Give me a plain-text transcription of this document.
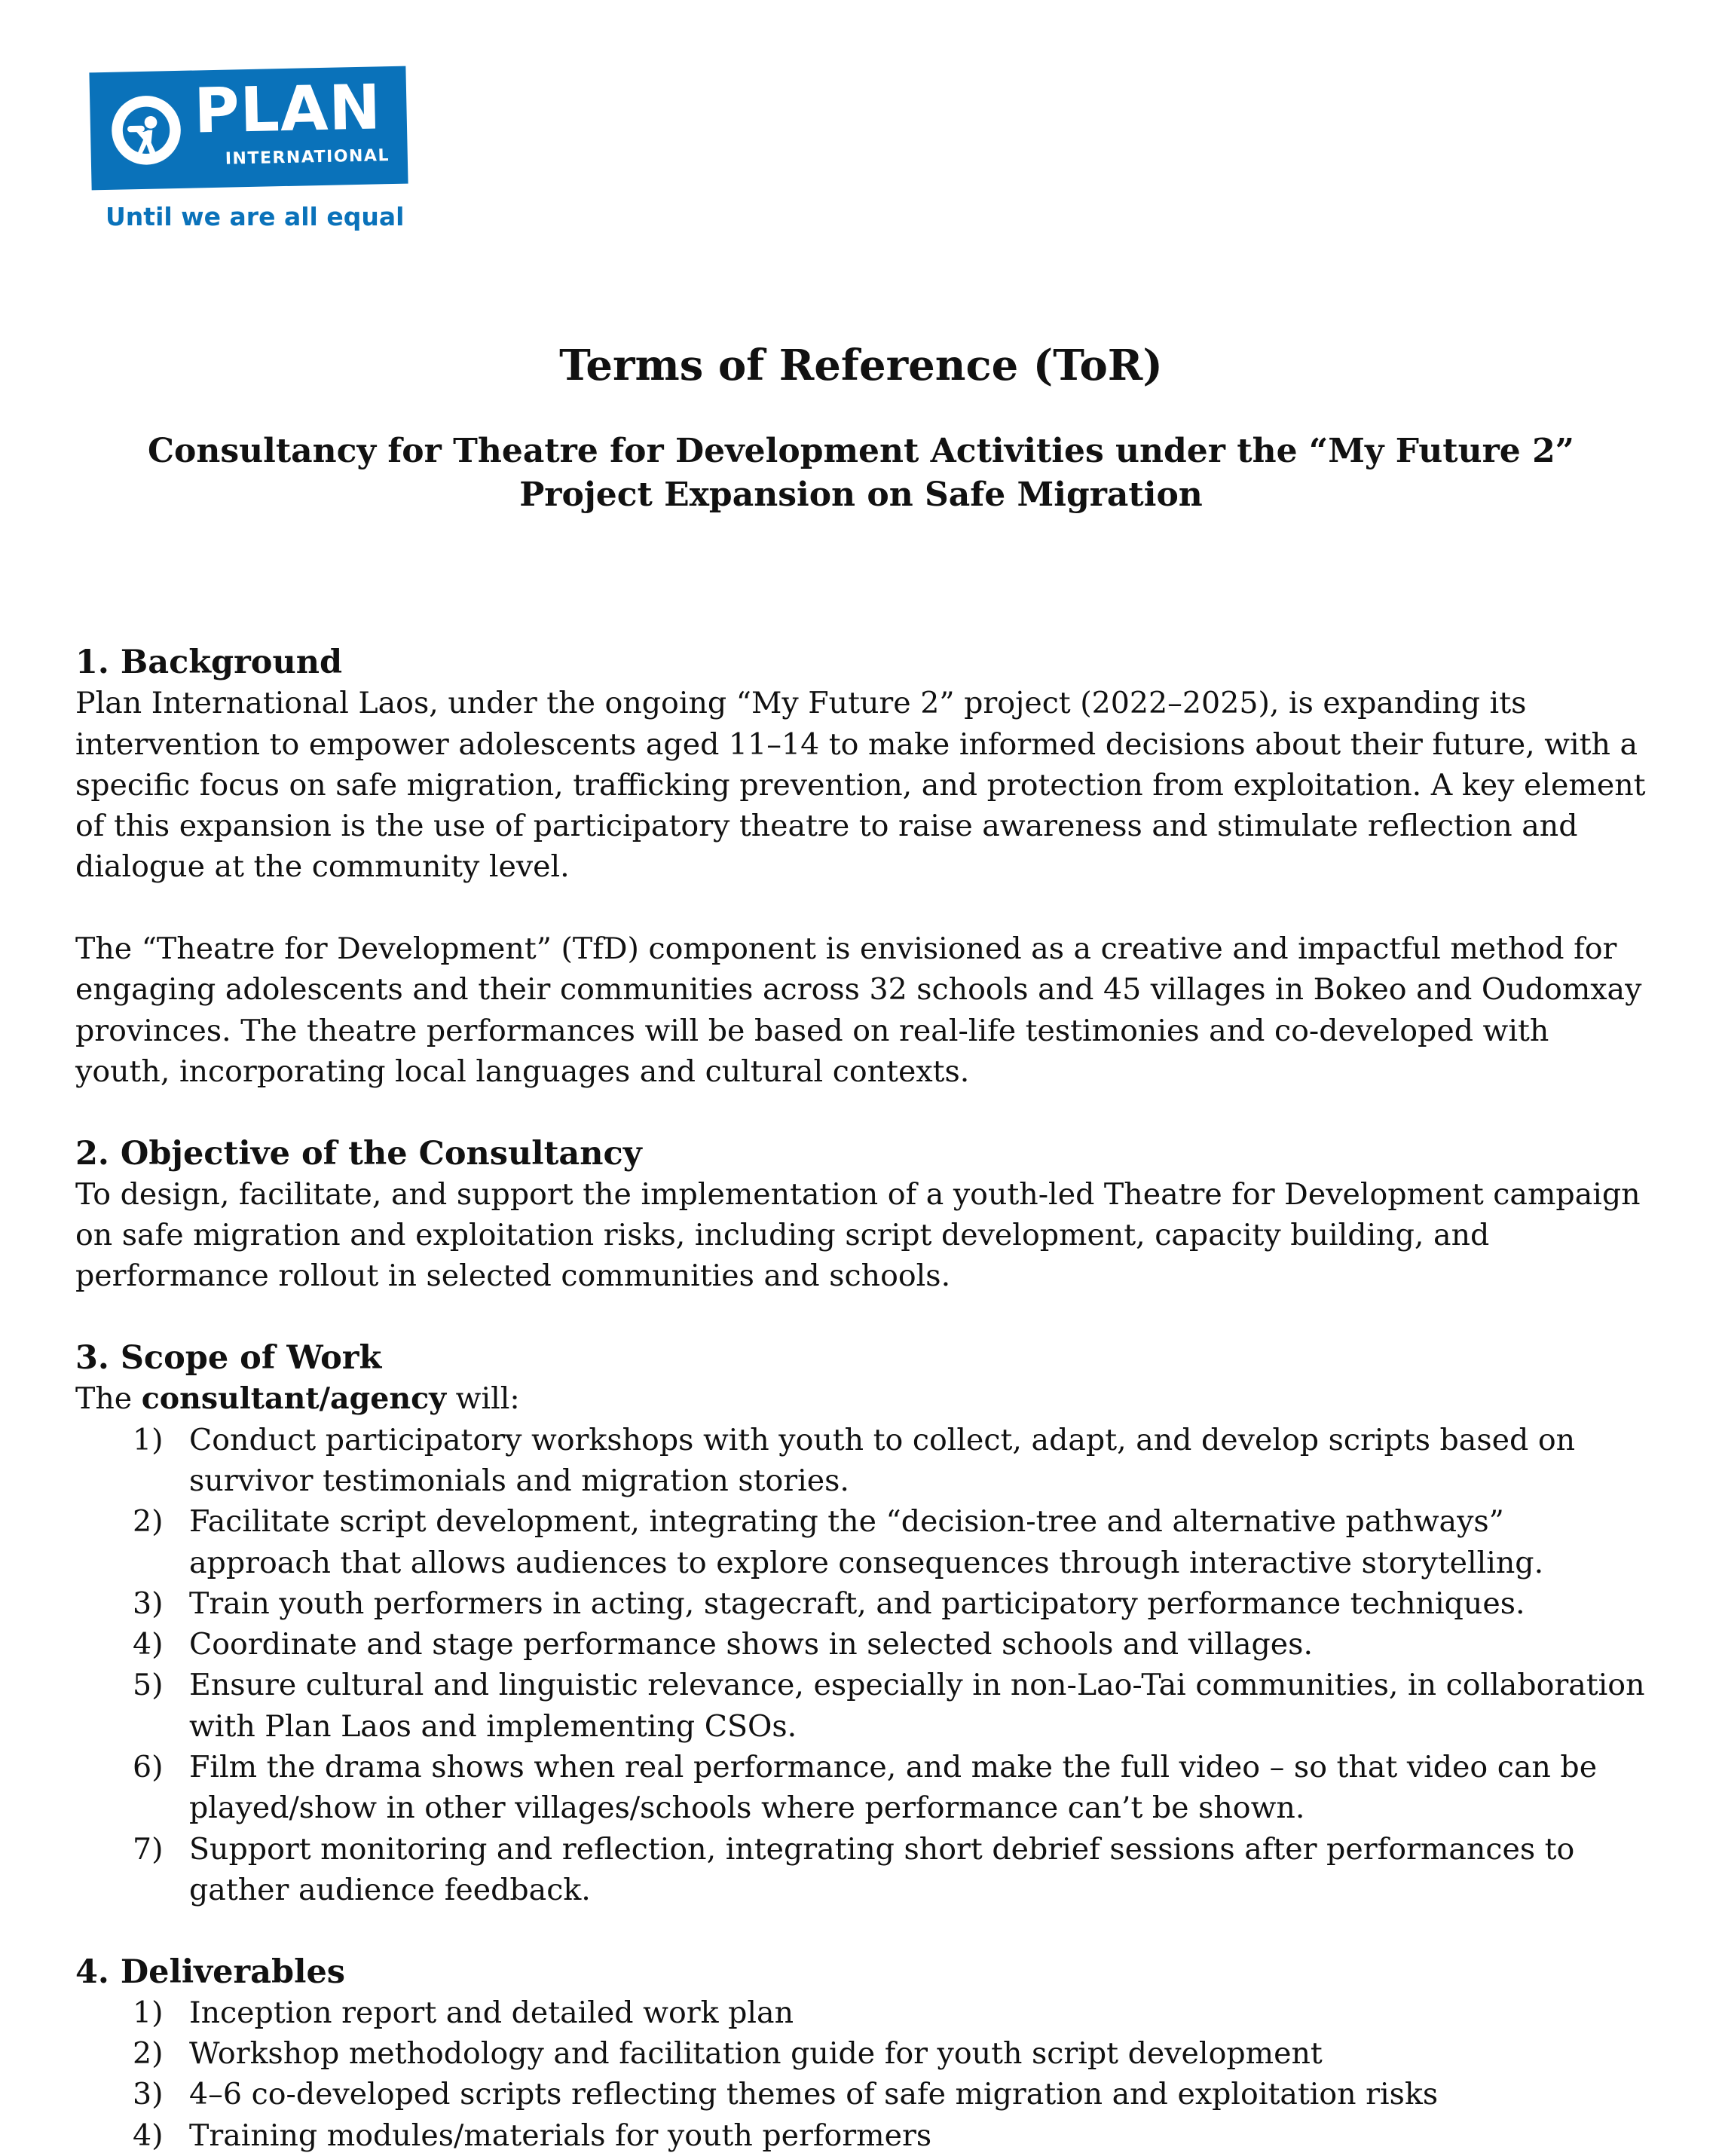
PLAN
INTERNATIONAL
Until we are all equal
Terms of Reference (ToR)

Consultancy for Theatre for Development Activities under the “My Future 2” Project Expansion on Safe Migration

1. Background

Plan International Laos, under the ongoing “My Future 2” project (2022–2025), is expanding its intervention to empower adolescents aged 11–14 to make informed decisions about their future, with a specific focus on safe migration, trafficking prevention, and protection from exploitation. A key element of this expansion is the use of participatory theatre to raise awareness and stimulate reflection and dialogue at the community level.

The “Theatre for Development” (TfD) component is envisioned as a creative and impactful method for engaging adolescents and their communities across 32 schools and 45 villages in Bokeo and Oudomxay provinces. The theatre performances will be based on real-life testimonies and co-developed with youth, incorporating local languages and cultural contexts.

2. Objective of the Consultancy

To design, facilitate, and support the implementation of a youth-led Theatre for Development campaign on safe migration and exploitation risks, including script development, capacity building, and performance rollout in selected communities and schools.

3. Scope of Work

The consultant/agency will:

1) Conduct participatory workshops with youth to collect, adapt, and develop scripts based on survivor testimonials and migration stories.
2) Facilitate script development, integrating the “decision-tree and alternative pathways” approach that allows audiences to explore consequences through interactive storytelling.
3) Train youth performers in acting, stagecraft, and participatory performance techniques.
4) Coordinate and stage performance shows in selected schools and villages.
5) Ensure cultural and linguistic relevance, especially in non-Lao-Tai communities, in collaboration with Plan Laos and implementing CSOs.
6) Film the drama shows when real performance, and make the full video – so that video can be played/show in other villages/schools where performance can’t be shown.
7) Support monitoring and reflection, integrating short debrief sessions after performances to gather audience feedback.
4. Deliverables
1) Inception report and detailed work plan
2) Workshop methodology and facilitation guide for youth script development
3) 4–6 co-developed scripts reflecting themes of safe migration and exploitation risks
4) Training modules/materials for youth performers
